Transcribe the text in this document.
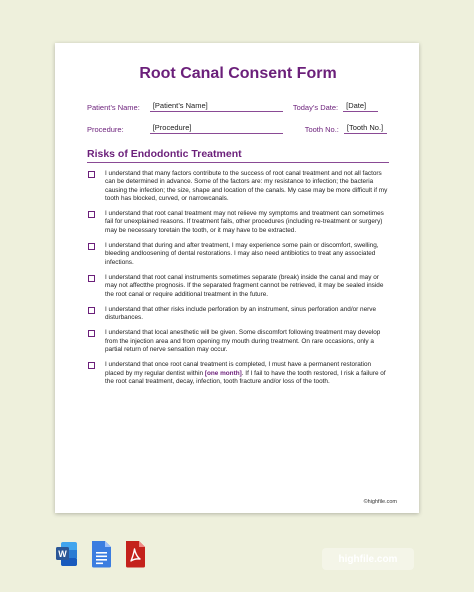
Root Canal Consent Form
Patient’s Name:	[Patient’s Name]	Today’s Date:	[Date]
Procedure:	[Procedure]	Tooth No.:	[Tooth No.]
Risks of Endodontic Treatment
I understand that many factors contribute to the success of root canal treatment and not all factors can be determined in advance. Some of the factors are: my resistance to infection; the bacteria causing the infection; the size, shape and location of the canals. My case may be more difficult if my tooth has blocked, curved, or narrowcanals.
I understand that root canal treatment may not relieve my symptoms and treatment can sometimes fail for unexplained reasons. If treatment fails, other procedures (including re-treatment or surgery) may be necessary toretain the tooth, or it may have to be extracted.
I understand that during and after treatment, I may experience some pain or discomfort, swelling, bleeding andloosening of dental restorations. I may also need antibiotics to treat any associated infections.
I understand that root canal instruments sometimes separate (break) inside the canal and may or may not affectthe prognosis. If the separated fragment cannot be retrieved, it may be sealed inside the root canal or require additional treatment in the future.
I understand that other risks include perforation by an instrument, sinus perforation and/or nerve disturbances.
I understand that local anesthetic will be given. Some discomfort following treatment may develop from the injection area and from opening my mouth during treatment. On rare occasions, only a partial return of nerve sensation may occur.
I understand that once root canal treatment is completed, I must have a permanent restoration placed by my regular dentist within [one month]. If I fail to have the tooth restored, I risk a failure of the root canal treatment, decay, infection, tooth fracture and/or loss of the tooth.
©highfile.com
W	highfile.com
